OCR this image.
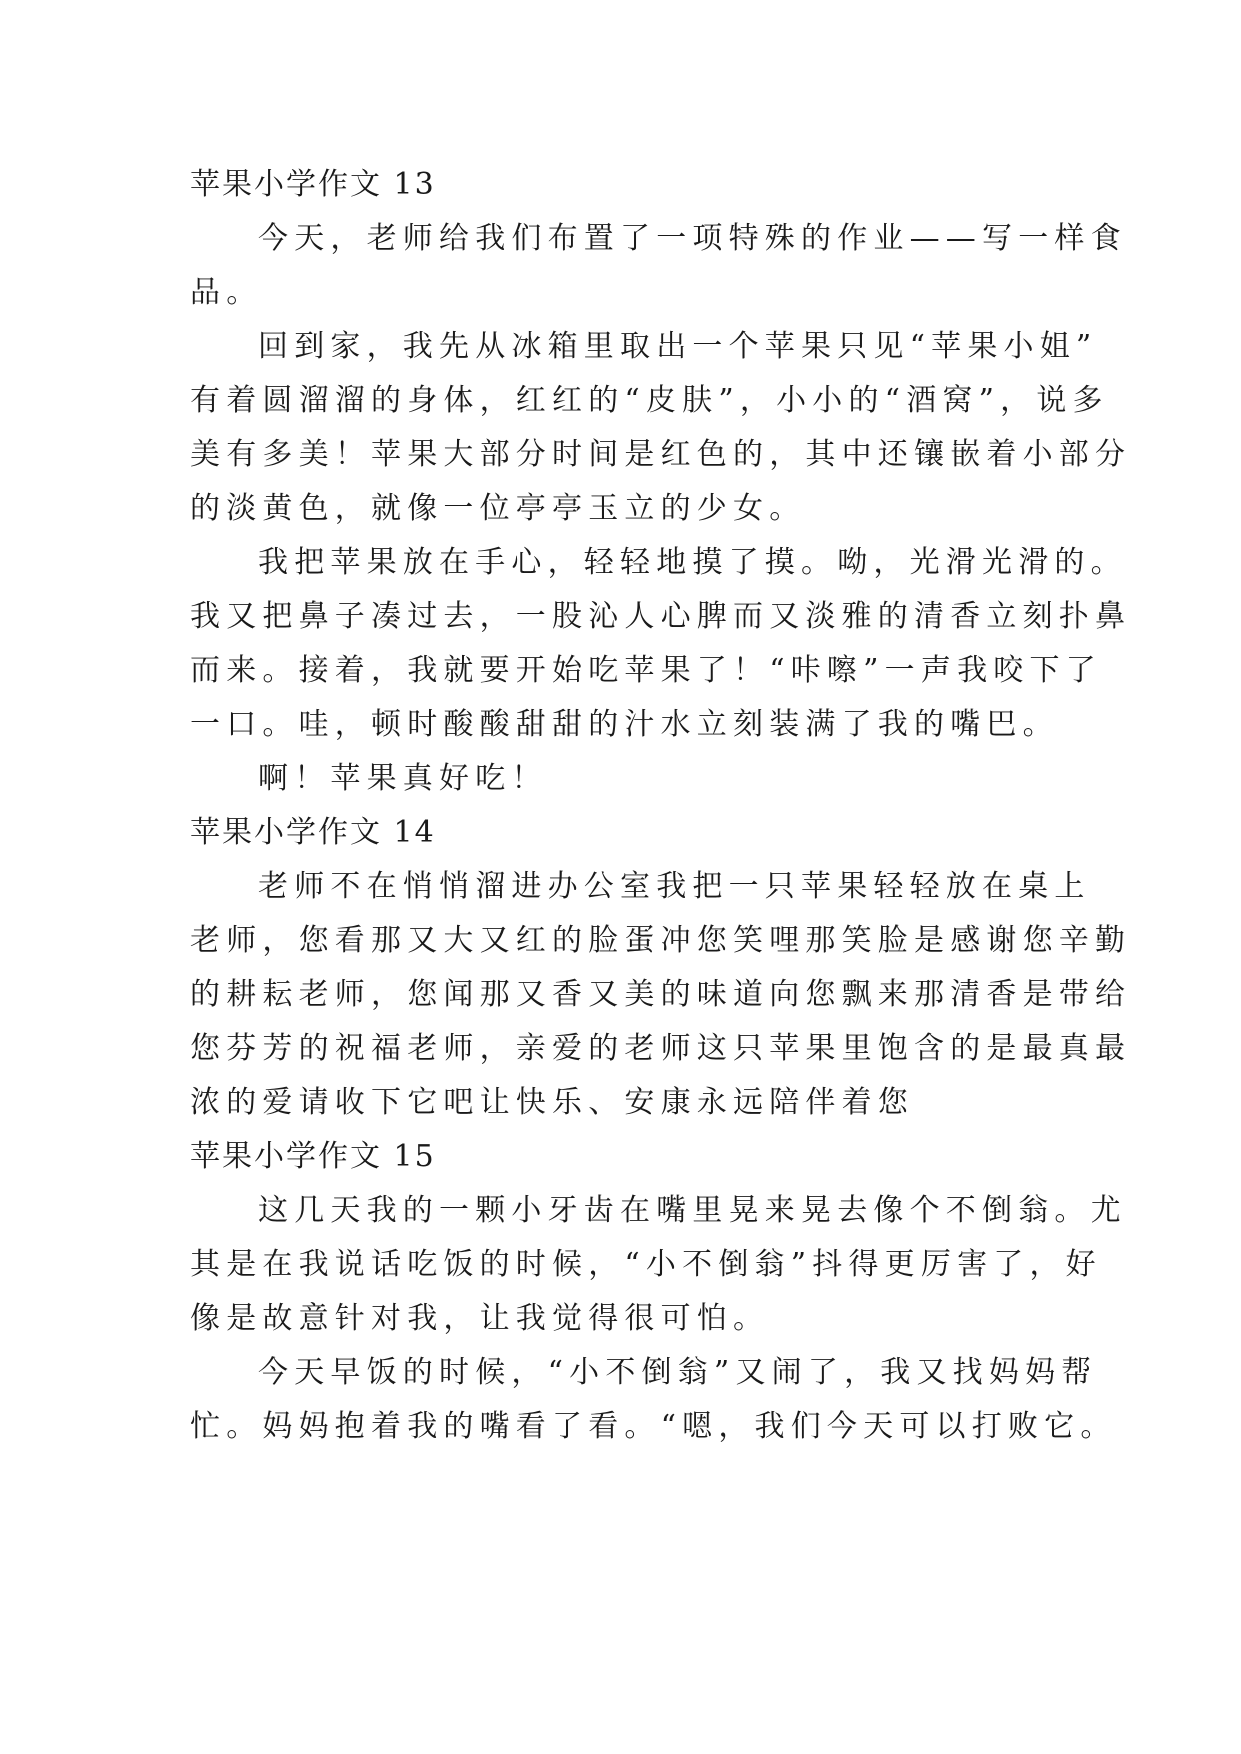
苹果小学作文 13
今天，老师给我们布置了一项特殊的作业——写一样食
品。
回到家，我先从冰箱里取出一个苹果只见“苹果小姐”
有着圆溜溜的身体，红红的“皮肤”，小小的“酒窝”，说多
美有多美！苹果大部分时间是红色的，其中还镶嵌着小部分
的淡黄色，就像一位亭亭玉立的少女。
我把苹果放在手心，轻轻地摸了摸。呦，光滑光滑的。
我又把鼻子凑过去，一股沁人心脾而又淡雅的清香立刻扑鼻
而来。接着，我就要开始吃苹果了！“咔嚓”一声我咬下了
一口。哇，顿时酸酸甜甜的汁水立刻装满了我的嘴巴。
啊！苹果真好吃！
苹果小学作文 14
老师不在悄悄溜进办公室我把一只苹果轻轻放在桌上
老师，您看那又大又红的脸蛋冲您笑哩那笑脸是感谢您辛勤
的耕耘老师，您闻那又香又美的味道向您飘来那清香是带给
您芬芳的祝福老师，亲爱的老师这只苹果里饱含的是最真最
浓的爱请收下它吧让快乐、安康永远陪伴着您
苹果小学作文 15
这几天我的一颗小牙齿在嘴里晃来晃去像个不倒翁。尤
其是在我说话吃饭的时候，“小不倒翁”抖得更厉害了，好
像是故意针对我，让我觉得很可怕。
今天早饭的时候，“小不倒翁”又闹了，我又找妈妈帮
忙。妈妈抱着我的嘴看了看。“嗯，我们今天可以打败它。
